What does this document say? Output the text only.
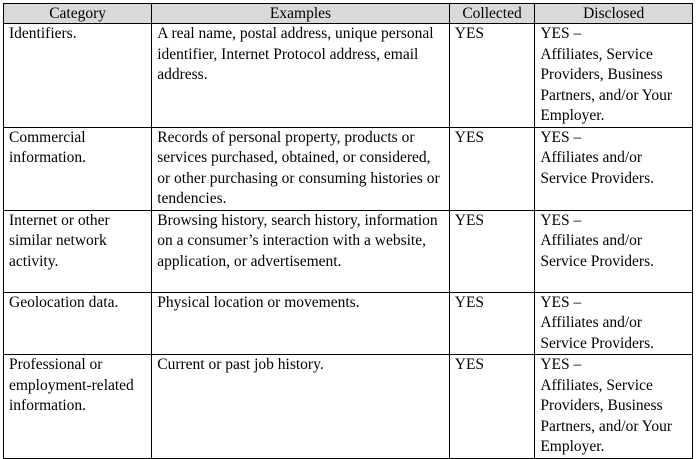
Category	Examples	Collected	Disclosed

Identifiers.	A real name, postal address, unique personal identifier, Internet Protocol address, email address.	YES	YES –
Affiliates, Service Providers, Business Partners, and/or Your Employer.

Commercial information.	Records of personal property, products or services purchased, obtained, or considered, or other purchasing or consuming histories or tendencies.	YES	YES –
Affiliates and/or Service Providers.

Internet or other similar network activity.	Browsing history, search history, information on a consumer’s interaction with a website, application, or advertisement.	YES	YES –
Affiliates and/or Service Providers.

Geolocation data.	Physical location or movements.	YES	YES –
Affiliates and/or Service Providers.

Professional or employment-related information.	Current or past job history.	YES	YES –
Affiliates, Service Providers, Business Partners, and/or Your Employer.
